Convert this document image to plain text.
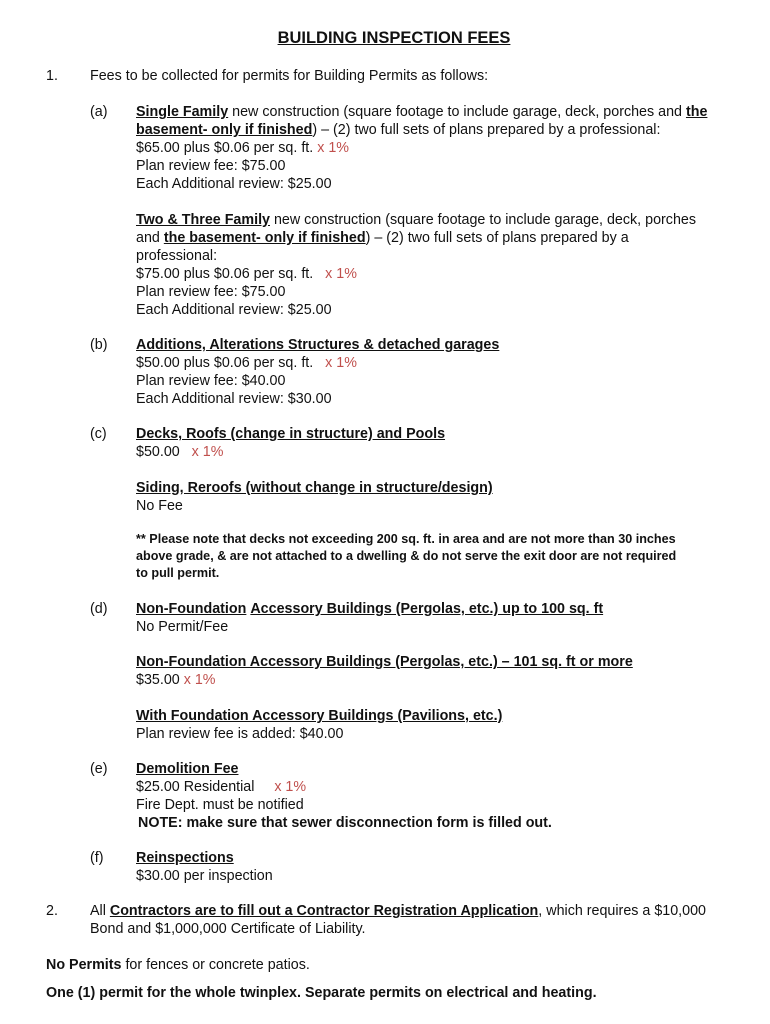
BUILDING INSPECTION FEES
1. Fees to be collected for permits for Building Permits as follows:
(a) Single Family new construction (square footage to include garage, deck, porches and the
basement- only if finished) – (2) two full sets of plans prepared by a professional:
$65.00 plus $0.06 per sq. ft. x 1%
Plan review fee: $75.00
Each Additional review: $25.00
Two & Three Family new construction (square footage to include garage, deck, porches
and the basement- only if finished) – (2) two full sets of plans prepared by a
professional:
$75.00 plus $0.06 per sq. ft. x 1%
Plan review fee: $75.00
Each Additional review: $25.00
(b) Additions, Alterations Structures & detached garages
$50.00 plus $0.06 per sq. ft. x 1%
Plan review fee: $40.00
Each Additional review: $30.00
(c) Decks, Roofs (change in structure) and Pools
$50.00 x 1%
Siding, Reroofs (without change in structure/design)
No Fee
** Please note that decks not exceeding 200 sq. ft. in area and are not more than 30 inches
above grade, & are not attached to a dwelling & do not serve the exit door are not required
to pull permit.
(d) Non-Foundation Accessory Buildings (Pergolas, etc.) up to 100 sq. ft
No Permit/Fee
Non-Foundation Accessory Buildings (Pergolas, etc.) – 101 sq. ft or more
$35.00 x 1%
With Foundation Accessory Buildings (Pavilions, etc.)
Plan review fee is added: $40.00
(e) Demolition Fee
$25.00 Residential x 1%
Fire Dept. must be notified
NOTE: make sure that sewer disconnection form is filled out.
(f) Reinspections
$30.00 per inspection
2. All Contractors are to fill out a Contractor Registration Application, which requires a $10,000
Bond and $1,000,000 Certificate of Liability.
No Permits for fences or concrete patios.
One (1) permit for the whole twinplex. Separate permits on electrical and heating.
